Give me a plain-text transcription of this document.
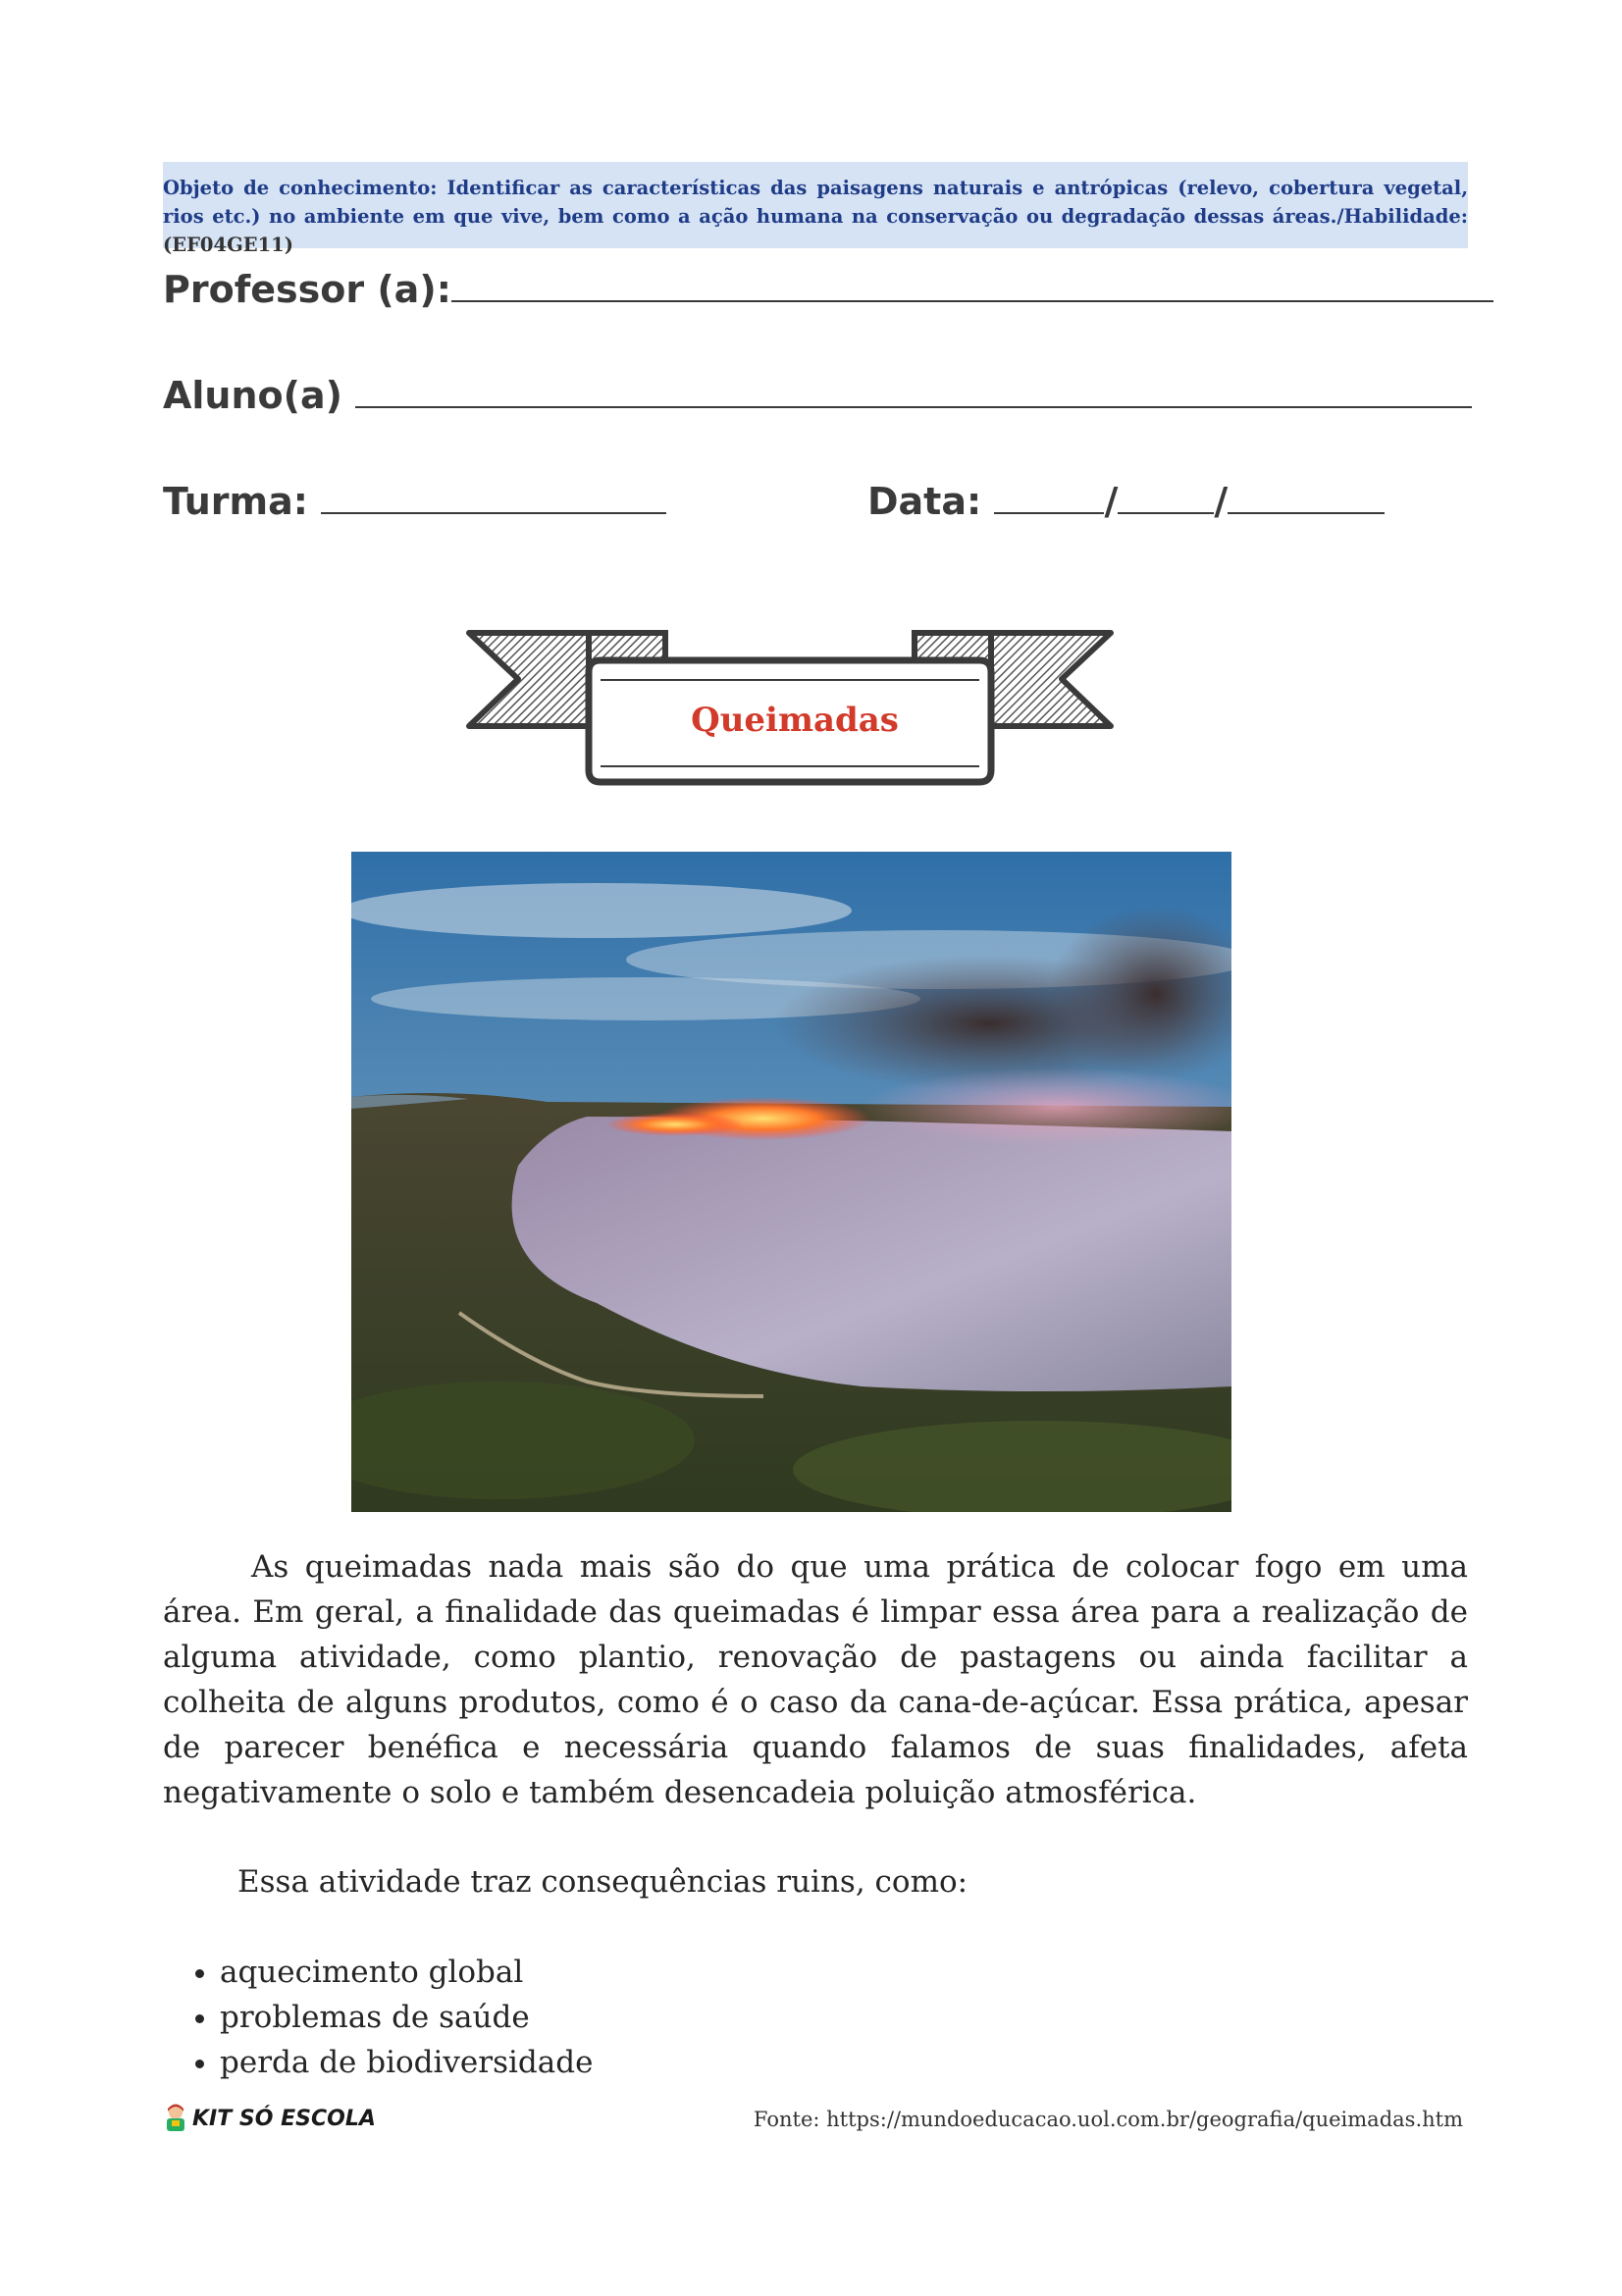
Objeto de conhecimento: Identificar as características das paisagens naturais e antrópicas (relevo, cobertura vegetal, rios etc.) no ambiente em que vive, bem como a ação humana na conservação ou degradação dessas áreas./Habilidade: (EF04GE11)
Professor (a):
Aluno(a)
Turma:	Data:	/	/
Queimadas
As queimadas nada mais são do que uma prática de colocar fogo em uma área. Em geral, a finalidade das queimadas é limpar essa área para a realização de alguma atividade, como plantio, renovação de pastagens ou ainda facilitar a colheita de alguns produtos, como é o caso da cana-de-açúcar. Essa prática, apesar de parecer benéfica e necessária quando falamos de suas finalidades, afeta negativamente o solo e também desencadeia poluição atmosférica.
Essa atividade traz consequências ruins, como:
• aquecimento global
• problemas de saúde
• perda de biodiversidade
KIT SÓ ESCOLA	Fonte: https://mundoeducacao.uol.com.br/geografia/queimadas.htm
